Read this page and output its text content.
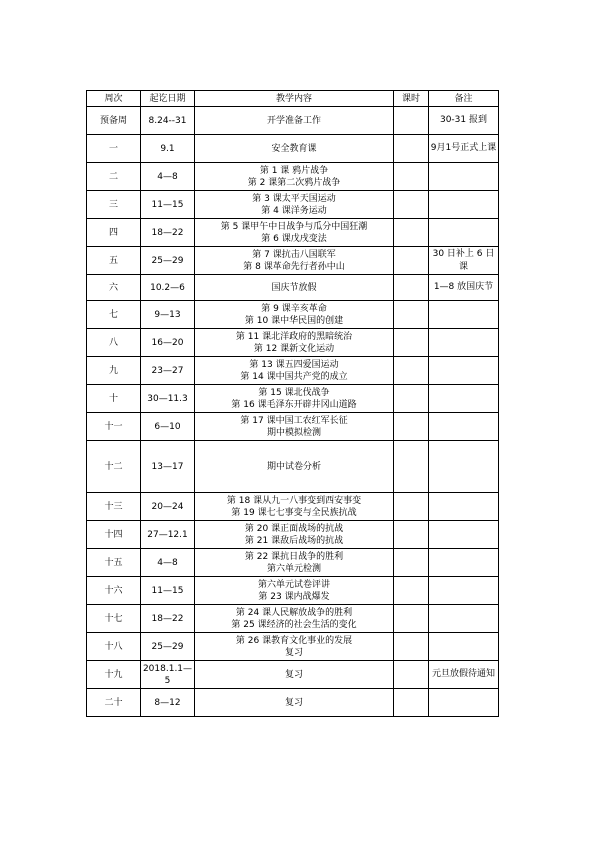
周次	起讫日期	教学内容	课时	备注
预备周	8.24--31	开学准备工作		30-31 报到

一	9.1	安全教育课		9月1号正式上课

二	4—8	第 1 课 鸦片战争
第 2 课第二次鸦片战争		

三	11—15	第 3 课太平天国运动
第 4 课洋务运动		

四	18—22	第 5 课甲午中日战争与瓜分中国狂潮
第 6 课戊戌变法		

五	25—29	第 7 课抗击八国联军
第 8 课革命先行者孙中山		30 日补上 6 日课

六	10.2—6	国庆节放假		1—8 放国庆节

七	9—13	第 9 课辛亥革命
第 10 课中华民国的创建		

八	16—20	第 11 课北洋政府的黑暗统治
第 12 课新文化运动		

九	23—27	第 13 课五四爱国运动
第 14 课中国共产党的成立		

十	30—11.3	第 15 课北伐战争
第 16 课毛泽东开辟井冈山道路		

十一	6—10	第 17 课中国工农红军长征
期中模拟检测		

十二	13—17	期中试卷分析		

十三	20—24	第 18 课从九一八事变到西安事变
第 19 课七七事变与全民族抗战		

十四	27—12.1	第 20 课正面战场的抗战
第 21 课敌后战场的抗战		

十五	4—8	第 22 课抗日战争的胜利
第六单元检测		

十六	11—15	第六单元试卷评讲
第 23 课内战爆发		

十七	18—22	第 24 课人民解放战争的胜利
第 25 课经济的社会生活的变化		

十八	25—29	第 26 课教育文化事业的发展
复习		

十九	2018.1.1—5	复习		元旦放假待通知

二十	8—12	复习		
